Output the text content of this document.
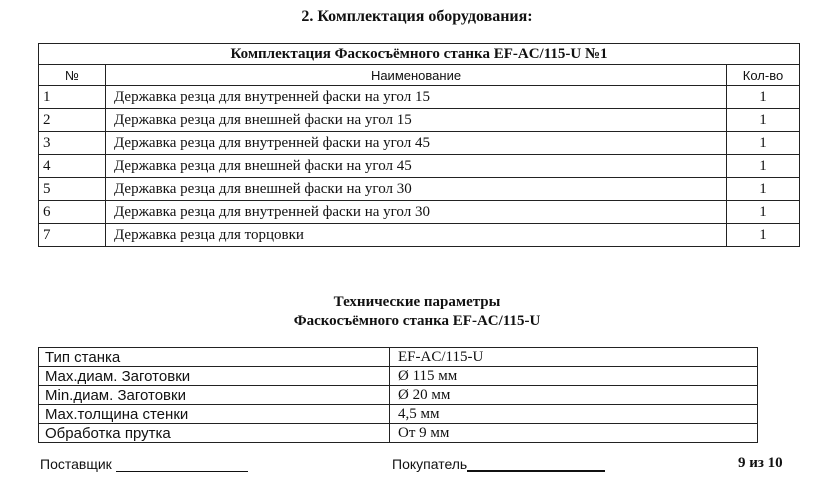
2. Комплектация оборудования:
Комплектация Фаскосъёмного станка EF-AC/115-U №1		
№	Наименование	Кол-во
1	Державка резца для внутренней фаски на угол 15	1
2	Державка резца для внешней фаски на угол 15	1
3	Державка резца для внутренней фаски на угол 45	1
4	Державка резца для внешней фаски на угол 45	1
5	Державка резца для внешней фаски на угол 30	1
6	Державка резца для внутренней фаски на угол 30	1
7	Державка резца для торцовки	1
Технические параметры
Фаскосъёмного станка EF-AC/115-U
Тип станка	EF-AC/115-U
Max.диам. Заготовки	Ø 115 мм
Min.диам. Заготовки	Ø 20 мм
Max.толщина стенки	4,5 мм
Обработка прутка	От 9 мм
Поставщик	Покупатель	9 из 10
